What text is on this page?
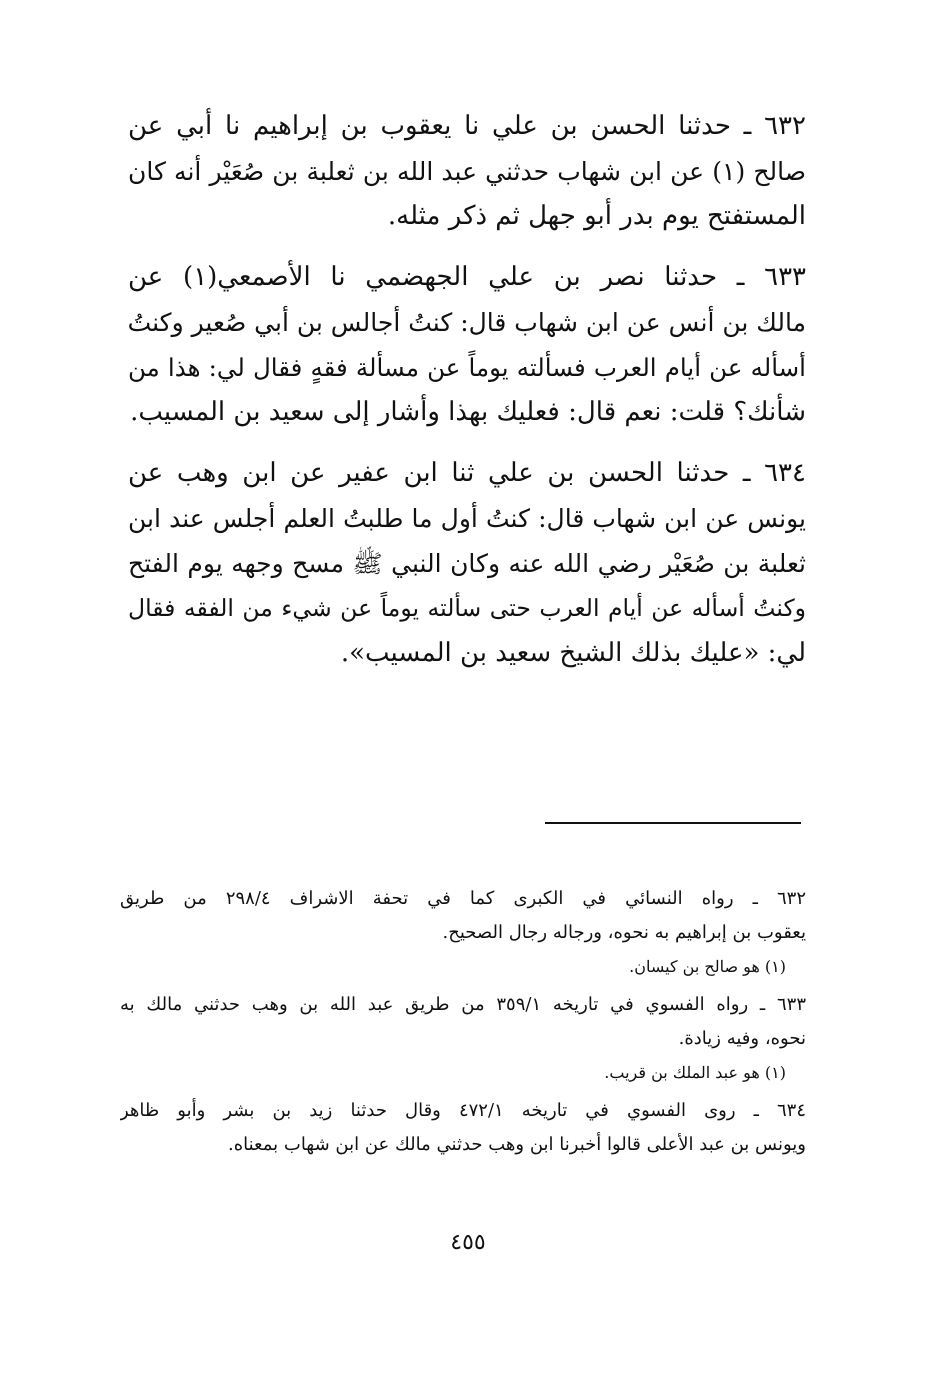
٦٣٢ ـ حدثنا الحسن بن علي نا يعقوب بن إبراهيم نا أبي عن
صالح (١) عن ابن شهاب حدثني عبد الله بن ثعلبة بن صُعَيْر أنه كان
المستفتح يوم بدر أبو جهل ثم ذكر مثله.
٦٣٣ ـ حدثنا نصر بن علي الجهضمي نا الأصمعي(١) عن
مالك بن أنس عن ابن شهاب قال: كنتُ أجالس بن أبي صُعير وكنتُ
أسأله عن أيام العرب فسألته يوماً عن مسألة فقهٍ فقال لي: هذا من
شأنك؟ قلت: نعم قال: فعليك بهذا وأشار إلى سعيد بن المسيب.
٦٣٤ ـ حدثنا الحسن بن علي ثنا ابن عفير عن ابن وهب عن
يونس عن ابن شهاب قال: كنتُ أول ما طلبتُ العلم أجلس عند ابن
ثعلبة بن صُعَيْر رضي الله عنه وكان النبي ﷺ مسح وجهه يوم الفتح
وكنتُ أسأله عن أيام العرب حتى سألته يوماً عن شيء من الفقه فقال
لي: «عليك بذلك الشيخ سعيد بن المسيب».
٦٣٢ ـ رواه النسائي في الكبرى كما في تحفة الاشراف ٢٩٨/٤ من طريق
يعقوب بن إبراهيم به نحوه، ورجاله رجال الصحيح.
(١) هو صالح بن كيسان.
٦٣٣ ـ رواه الفسوي في تاريخه ٣٥٩/١ من طريق عبد الله بن وهب حدثني مالك به
نحوه، وفيه زيادة.
(١) هو عبد الملك بن قريب.
٦٣٤ ـ روى الفسوي في تاريخه ٤٧٢/١ وقال حدثنا زيد بن بشر وأبو ظاهر
ويونس بن عبد الأعلى قالوا أخبرنا ابن وهب حدثني مالك عن ابن شهاب بمعناه.
٤٥٥
